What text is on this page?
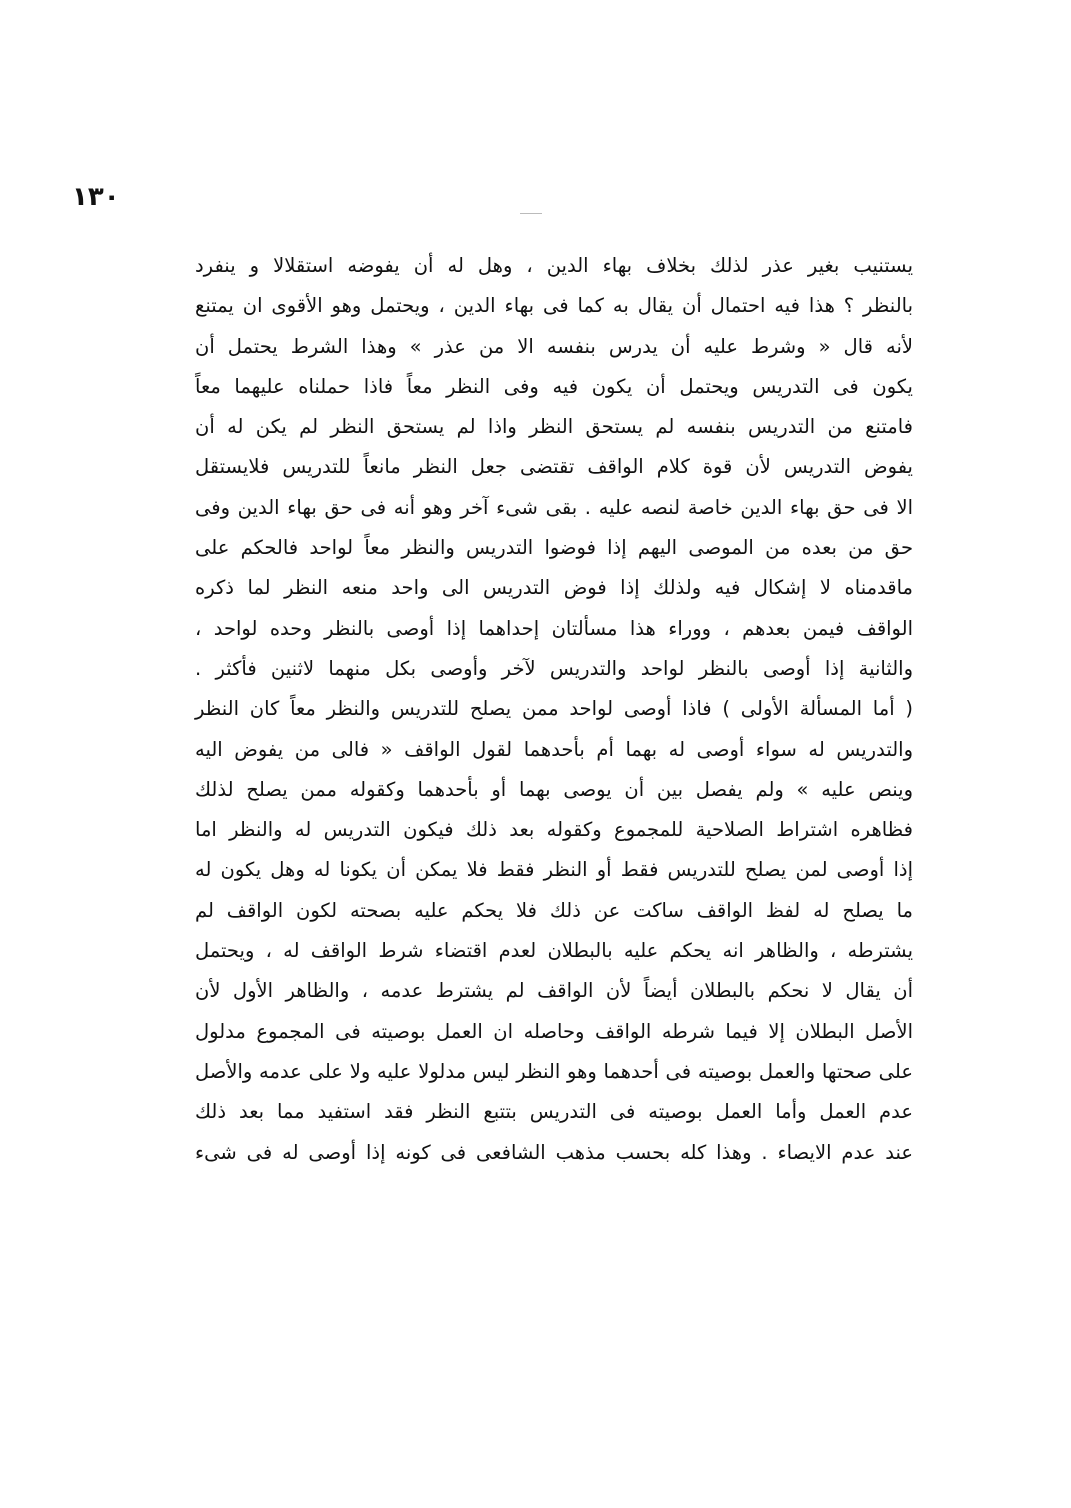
١٣٠
يستنيب بغير عذر لذلك بخلاف بهاء الدين ، وهل له أن يفوضه استقلالا و ينفرد
بالنظر ؟ هذا فيه احتمال أن يقال به كما فى بهاء الدين ، ويحتمل وهو الأقوى ان يمتنع
لأنه قال « وشرط عليه أن يدرس بنفسه الا من عذر » وهذا الشرط يحتمل أن
يكون فى التدريس ويحتمل أن يكون فيه وفى النظر معاً فاذا حملناه عليهما معاً
فامتنع من التدريس بنفسه لم يستحق النظر واذا لم يستحق النظر لم يكن له أن
يفوض التدريس لأن قوة كلام الواقف تقتضى جعل النظر مانعاً للتدريس فلايستقل
الا فى حق بهاء الدين خاصة لنصه عليه . بقى شىء آخر وهو أنه فى حق بهاء الدين وفى
حق من بعده من الموصى اليهم إذا فوضوا التدريس والنظر معاً لواحد فالحكم على
ماقدمناه لا إشكال فيه ولذلك إذا فوض التدريس الى واحد منعه النظر لما ذكره
الواقف فيمن بعدهم ، ووراء هذا مسألتان إحداهما إذا أوصى بالنظر وحده لواحد ،
والثانية إذا أوصى بالنظر لواحد والتدريس لآخر وأوصى بكل منهما لاثنين فأكثر .
( أما المسألة الأولى ) فاذا أوصى لواحد ممن يصلح للتدريس والنظر معاً كان النظر
والتدريس له سواء أوصى له بهما أم بأحدهما لقول الواقف « فالى من يفوض اليه
وينص عليه » ولم يفصل بين أن يوصى بهما أو بأحدهما وكقوله ممن يصلح لذلك
فظاهره اشتراط الصلاحية للمجموع وكقوله بعد ذلك فيكون التدريس له والنظر اما
إذا أوصى لمن يصلح للتدريس فقط أو النظر فقط فلا يمكن أن يكونا له وهل يكون له
ما يصلح له لفظ الواقف ساكت عن ذلك فلا يحكم عليه بصحته لكون الواقف لم
يشترطه ، والظاهر انه يحكم عليه بالبطلان لعدم اقتضاء شرط الواقف له ، ويحتمل
أن يقال لا نحكم بالبطلان أيضاً لأن الواقف لم يشترط عدمه ، والظاهر الأول لأن
الأصل البطلان إلا فيما شرطه الواقف وحاصله ان العمل بوصيته فى المجموع مدلول
على صحتها والعمل بوصيته فى أحدهما وهو النظر ليس مدلولا عليه ولا على عدمه والأصل
عدم العمل وأما العمل بوصيته فى التدريس بتتبع النظر فقد استفيد مما بعد ذلك
عند عدم الايصاء . وهذا كله بحسب مذهب الشافعى فى كونه إذا أوصى له فى شىء
